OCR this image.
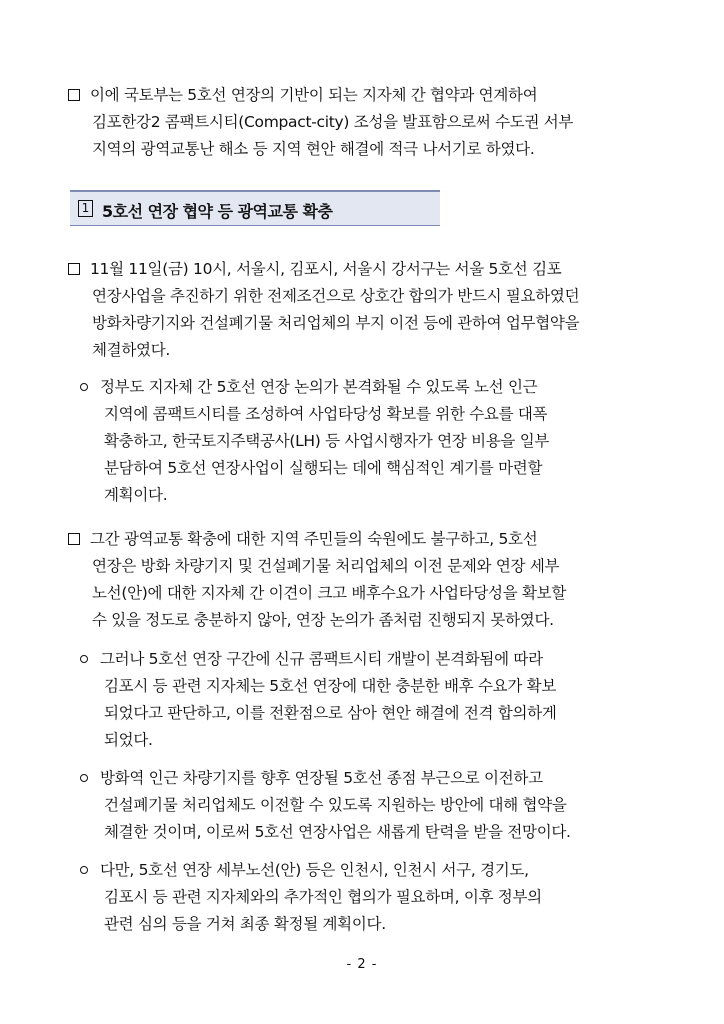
이에 국토부는 5호선 연장의 기반이 되는 지자체 간 협약과 연계하여
김포한강2 콤팩트시티(Compact-city) 조성을 발표함으로써 수도권 서부
지역의 광역교통난 해소 등 지역 현안 해결에 적극 나서기로 하였다.
1 5호선 연장 협약 등 광역교통 확충
11월 11일(금) 10시, 서울시, 김포시, 서울시 강서구는 서울 5호선 김포
연장사업을 추진하기 위한 전제조건으로 상호간 합의가 반드시 필요하였던
방화차량기지와 건설폐기물 처리업체의 부지 이전 등에 관하여 업무협약을
체결하였다.
정부도 지자체 간 5호선 연장 논의가 본격화될 수 있도록 노선 인근
지역에 콤팩트시티를 조성하여 사업타당성 확보를 위한 수요를 대폭
확충하고, 한국토지주택공사(LH) 등 사업시행자가 연장 비용을 일부
분담하여 5호선 연장사업이 실행되는 데에 핵심적인 계기를 마련할
계획이다.
그간 광역교통 확충에 대한 지역 주민들의 숙원에도 불구하고, 5호선
연장은 방화 차량기지 및 건설폐기물 처리업체의 이전 문제와 연장 세부
노선(안)에 대한 지자체 간 이견이 크고 배후수요가 사업타당성을 확보할
수 있을 정도로 충분하지 않아, 연장 논의가 좀처럼 진행되지 못하였다.
그러나 5호선 연장 구간에 신규 콤팩트시티 개발이 본격화됨에 따라
김포시 등 관련 지자체는 5호선 연장에 대한 충분한 배후 수요가 확보
되었다고 판단하고, 이를 전환점으로 삼아 현안 해결에 전격 합의하게
되었다.
방화역 인근 차량기지를 향후 연장될 5호선 종점 부근으로 이전하고
건설폐기물 처리업체도 이전할 수 있도록 지원하는 방안에 대해 협약을
체결한 것이며, 이로써 5호선 연장사업은 새롭게 탄력을 받을 전망이다.
다만, 5호선 연장 세부노선(안) 등은 인천시, 인천시 서구, 경기도,
김포시 등 관련 지자체와의 추가적인 협의가 필요하며, 이후 정부의
관련 심의 등을 거쳐 최종 확정될 계획이다.
- 2 -
